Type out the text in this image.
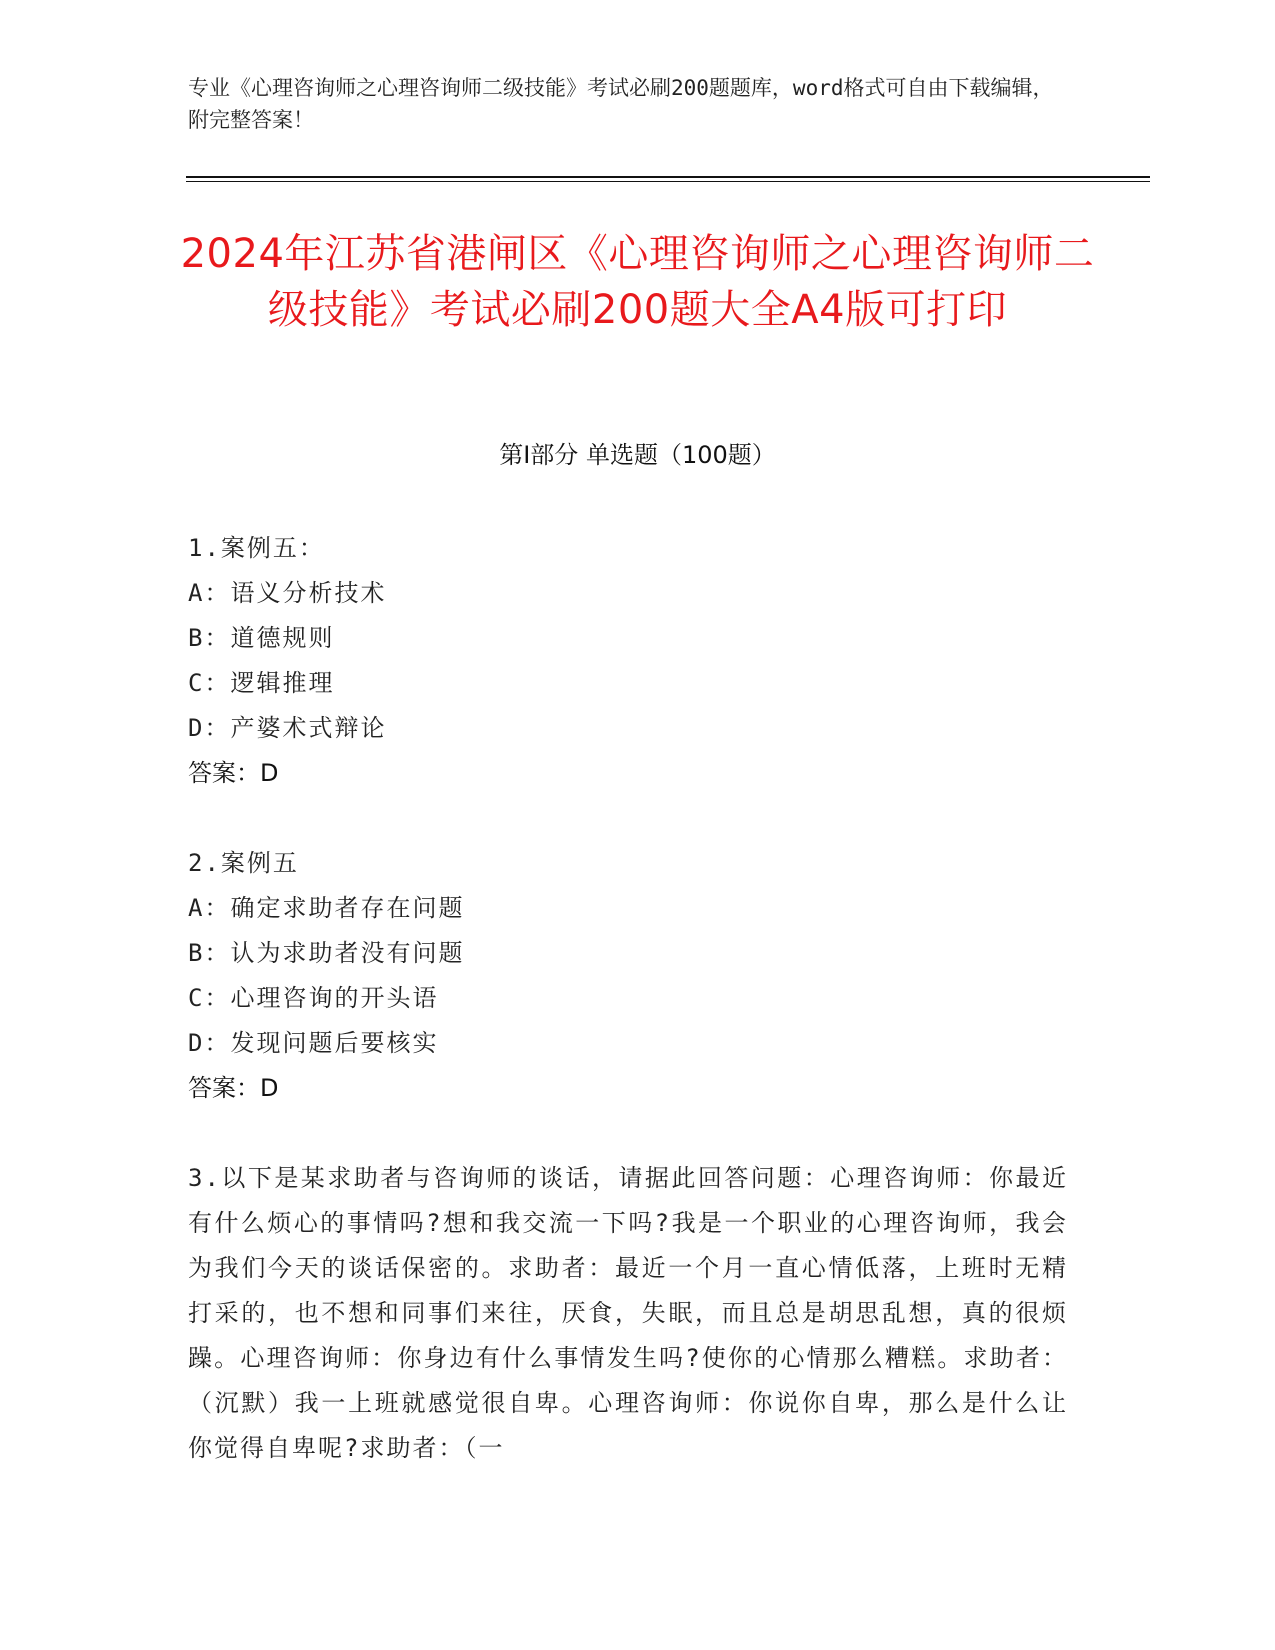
专业《心理咨询师之心理咨询师二级技能》考试必刷200题题库，word格式可自由下载编辑，附完整答案！
2024年江苏省港闸区《心理咨询师之心理咨询师二级技能》考试必刷200题大全A4版可打印
第Ⅰ部分 单选题（100题）
1.案例五：
A：语义分析技术
B：道德规则
C：逻辑推理
D：产婆术式辩论
答案：D
2.案例五
A：确定求助者存在问题
B：认为求助者没有问题
C：心理咨询的开头语
D：发现问题后要核实
答案：D
3.以下是某求助者与咨询师的谈话，请据此回答问题：心理咨询师：你最近有什么烦心的事情吗?想和我交流一下吗?我是一个职业的心理咨询师，我会为我们今天的谈话保密的。求助者：最近一个月一直心情低落，上班时无精打采的，也不想和同事们来往，厌食，失眠，而且总是胡思乱想，真的很烦躁。心理咨询师：你身边有什么事情发生吗?使你的心情那么糟糕。求助者：（沉默）我一上班就感觉很自卑。心理咨询师：你说你自卑，那么是什么让你觉得自卑呢?求助者：（一
